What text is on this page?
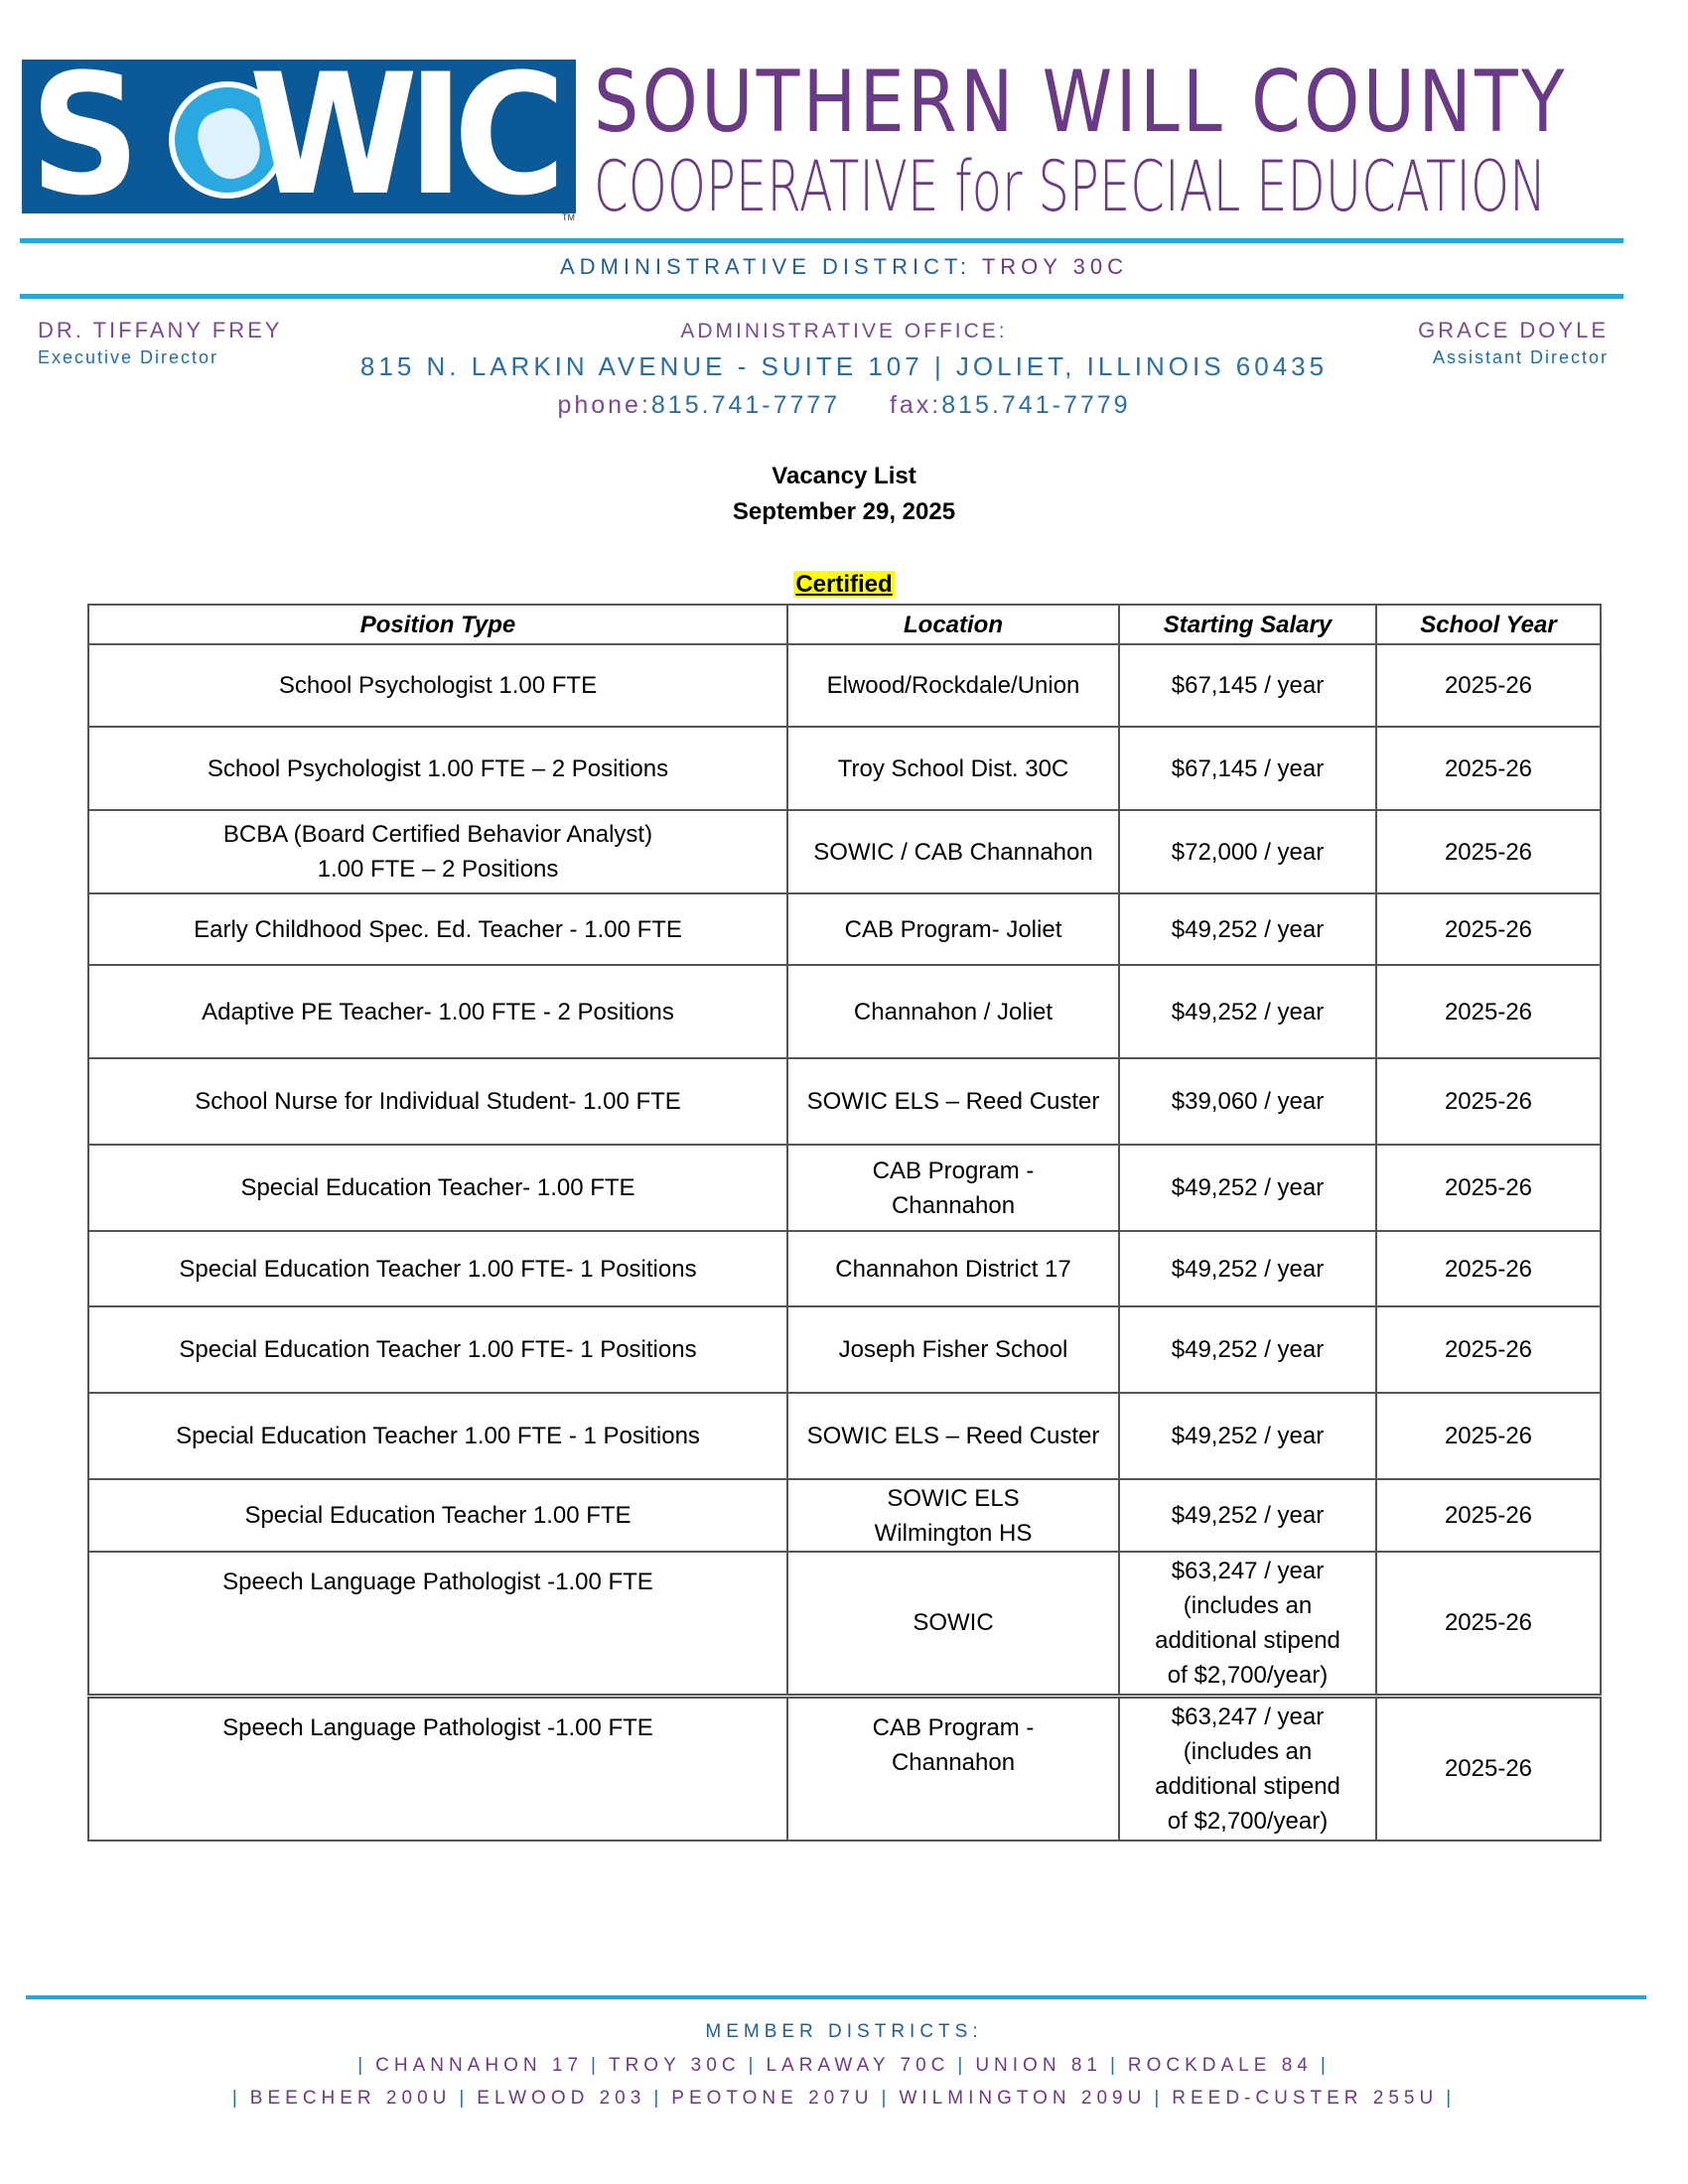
S WIC TM
SOUTHERN WILL COUNTY
COOPERATIVE for SPECIAL EDUCATION
ADMINISTRATIVE DISTRICT: TROY 30C
DR. TIFFANY FREY
Executive Director
GRACE DOYLE
Assistant Director
ADMINISTRATIVE OFFICE:
815 N. LARKIN AVENUE - SUITE 107 | JOLIET, ILLINOIS 60435
phone:815.741-7777 fax:815.741-7779
Vacancy List
September 29, 2025
Certified
Position Type	Location	Starting Salary	School Year
School Psychologist 1.00 FTE	Elwood/Rockdale/Union	$67,145 / year	2025-26
School Psychologist 1.00 FTE – 2 Positions	Troy School Dist. 30C	$67,145 / year	2025-26
BCBA (Board Certified Behavior Analyst)
1.00 FTE – 2 Positions	SOWIC / CAB Channahon	$72,000 / year	2025-26
Early Childhood Spec. Ed. Teacher - 1.00 FTE	CAB Program- Joliet	$49,252 / year	2025-26
Adaptive PE Teacher- 1.00 FTE - 2 Positions	Channahon / Joliet	$49,252 / year	2025-26
School Nurse for Individual Student- 1.00 FTE	SOWIC ELS – Reed Custer	$39,060 / year	2025-26
Special Education Teacher- 1.00 FTE	CAB Program -
Channahon	$49,252 / year	2025-26
Special Education Teacher 1.00 FTE- 1 Positions	Channahon District 17	$49,252 / year	2025-26
Special Education Teacher 1.00 FTE- 1 Positions	Joseph Fisher School	$49,252 / year	2025-26
Special Education Teacher 1.00 FTE - 1 Positions	SOWIC ELS – Reed Custer	$49,252 / year	2025-26
Special Education Teacher 1.00 FTE	SOWIC ELS
Wilmington HS	$49,252 / year	2025-26
Speech Language Pathologist -1.00 FTE	SOWIC	$63,247 / year
(includes an
additional stipend
of $2,700/year)	2025-26
Speech Language Pathologist -1.00 FTE	CAB Program -
Channahon	$63,247 / year
(includes an
additional stipend
of $2,700/year)	2025-26
MEMBER DISTRICTS:
| CHANNAHON 17 | TROY 30C | LARAWAY 70C | UNION 81 | ROCKDALE 84 |
| BEECHER 200U | ELWOOD 203 | PEOTONE 207U | WILMINGTON 209U | REED-CUSTER 255U |
